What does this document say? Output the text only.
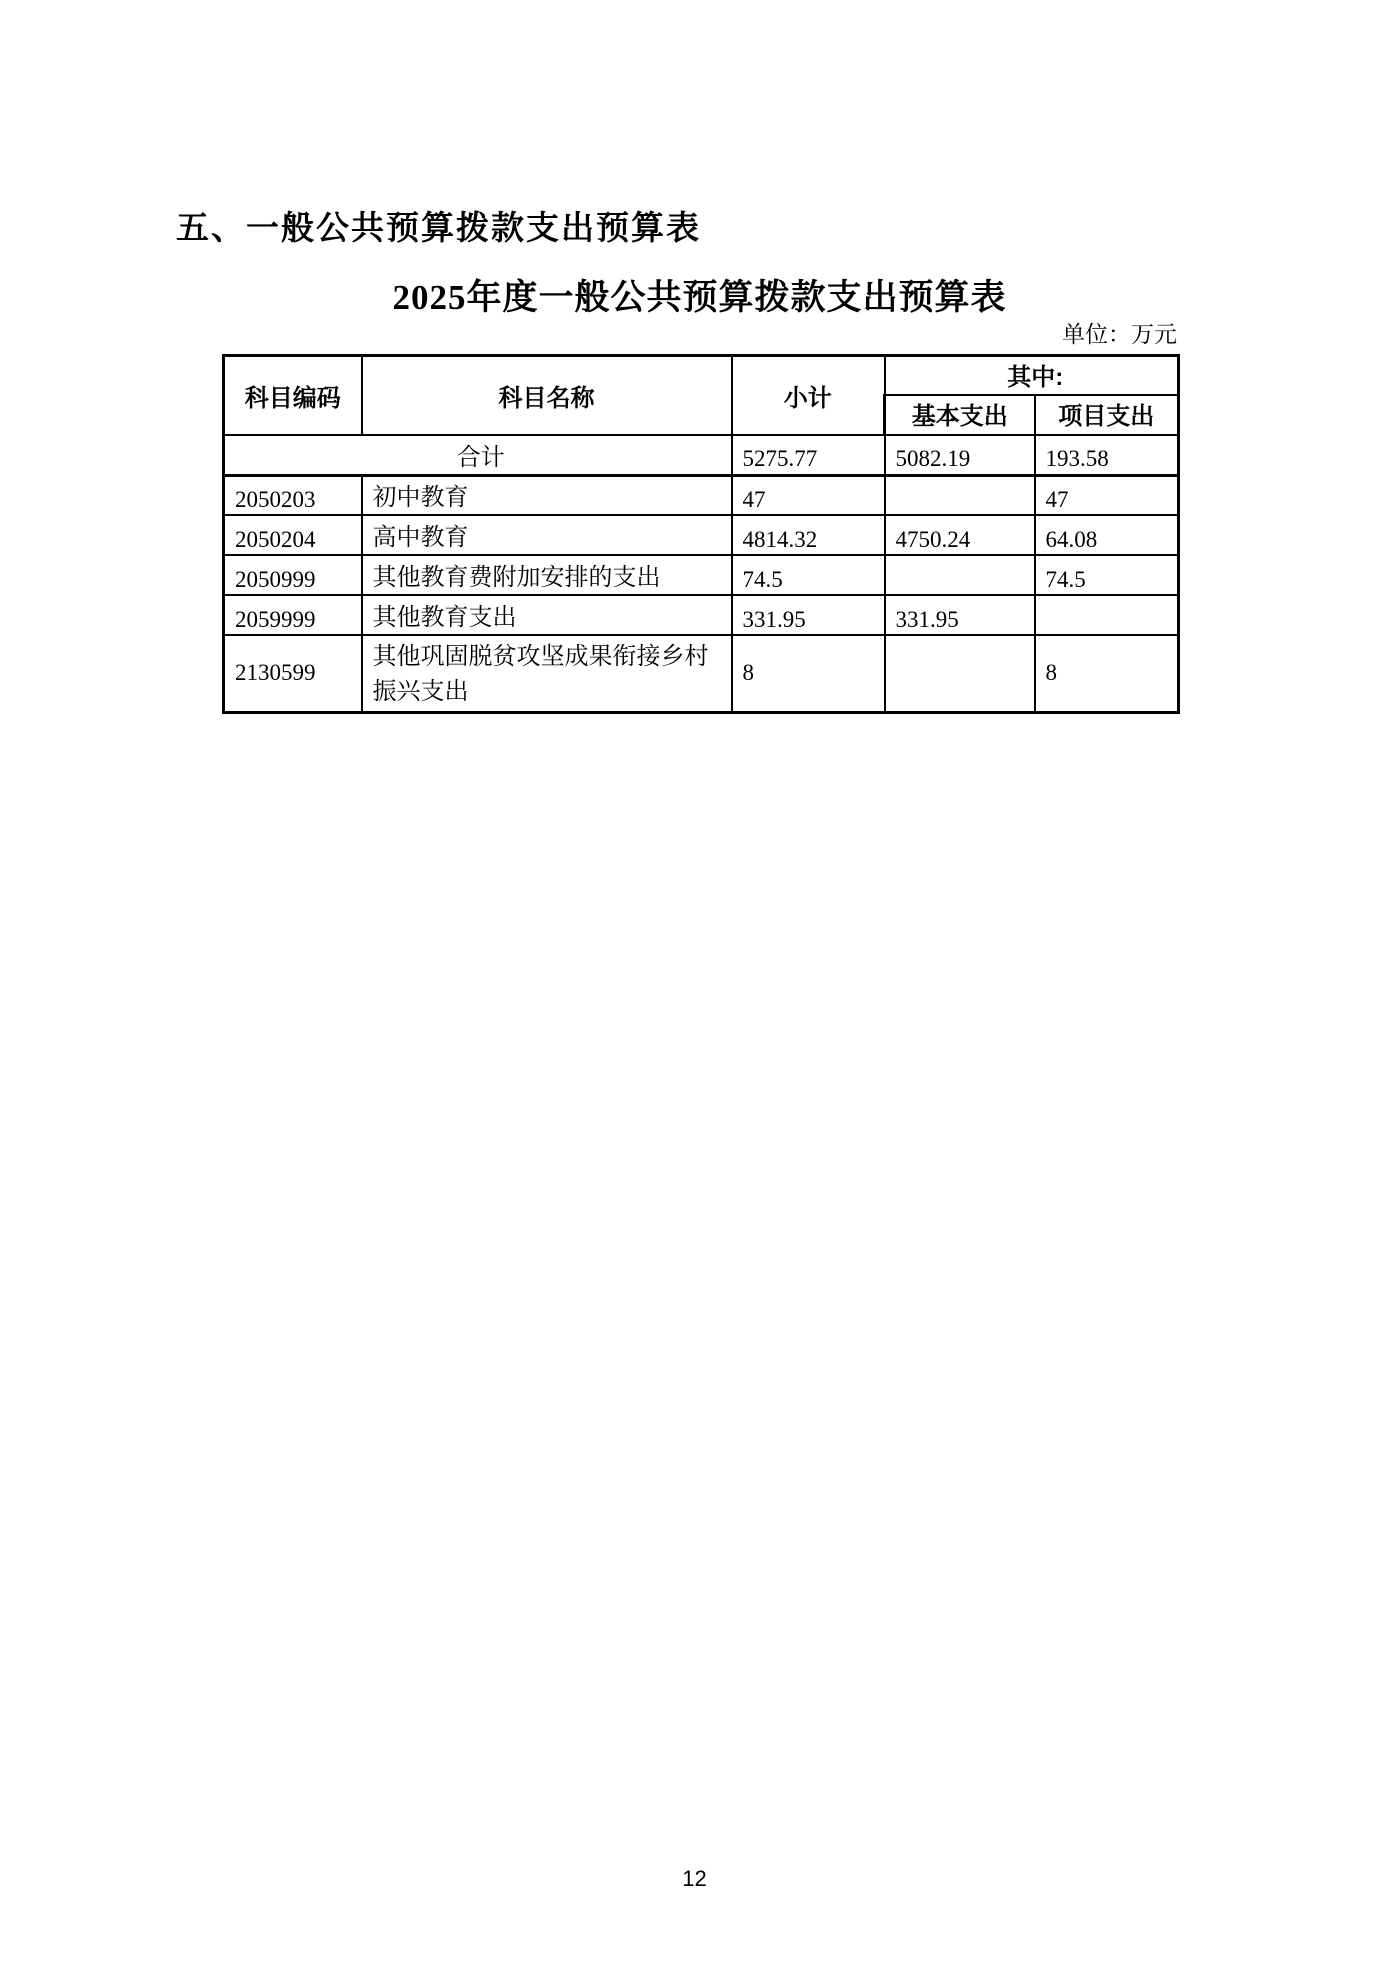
五、一般公共预算拨款支出预算表
2025年度一般公共预算拨款支出预算表
单位：万元
科目编码	科目名称	小计	其中:	
			基本支出	项目支出
合计		5275.77	5082.19	193.58
2050203	初中教育	47		47
2050204	高中教育	4814.32	4750.24	64.08
2050999	其他教育费附加安排的支出	74.5		74.5
2059999	其他教育支出	331.95	331.95	
2130599	其他巩固脱贫攻坚成果衔接乡村振兴支出	8		8
12
